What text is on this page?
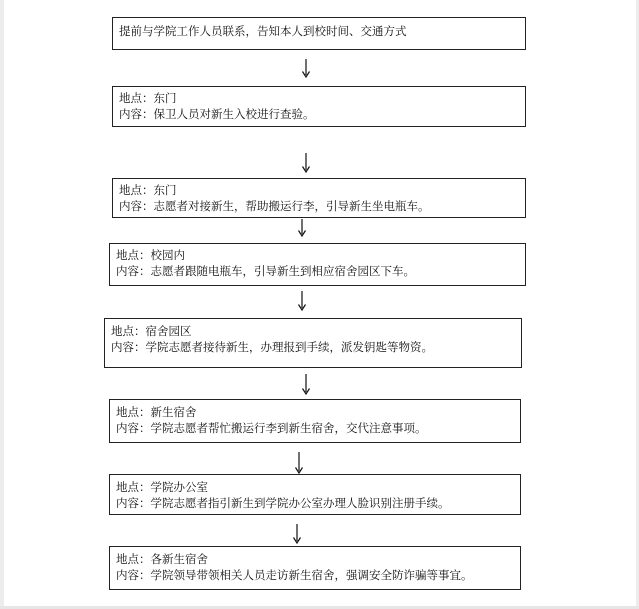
提前与学院工作人员联系，告知本人到校时间、交通方式
地点：东门
内容：保卫人员对新生入校进行查验。
地点：东门
内容：志愿者对接新生，帮助搬运行李，引导新生坐电瓶车。
地点：校园内
内容：志愿者跟随电瓶车，引导新生到相应宿舍园区下车。
地点：宿舍园区
内容：学院志愿者接待新生，办理报到手续，派发钥匙等物资。
地点：新生宿舍
内容：学院志愿者帮忙搬运行李到新生宿舍，交代注意事项。
地点：学院办公室
内容：学院志愿者指引新生到学院办公室办理人脸识别注册手续。
地点：各新生宿舍
内容：学院领导带领相关人员走访新生宿舍，强调安全防诈骗等事宜。
